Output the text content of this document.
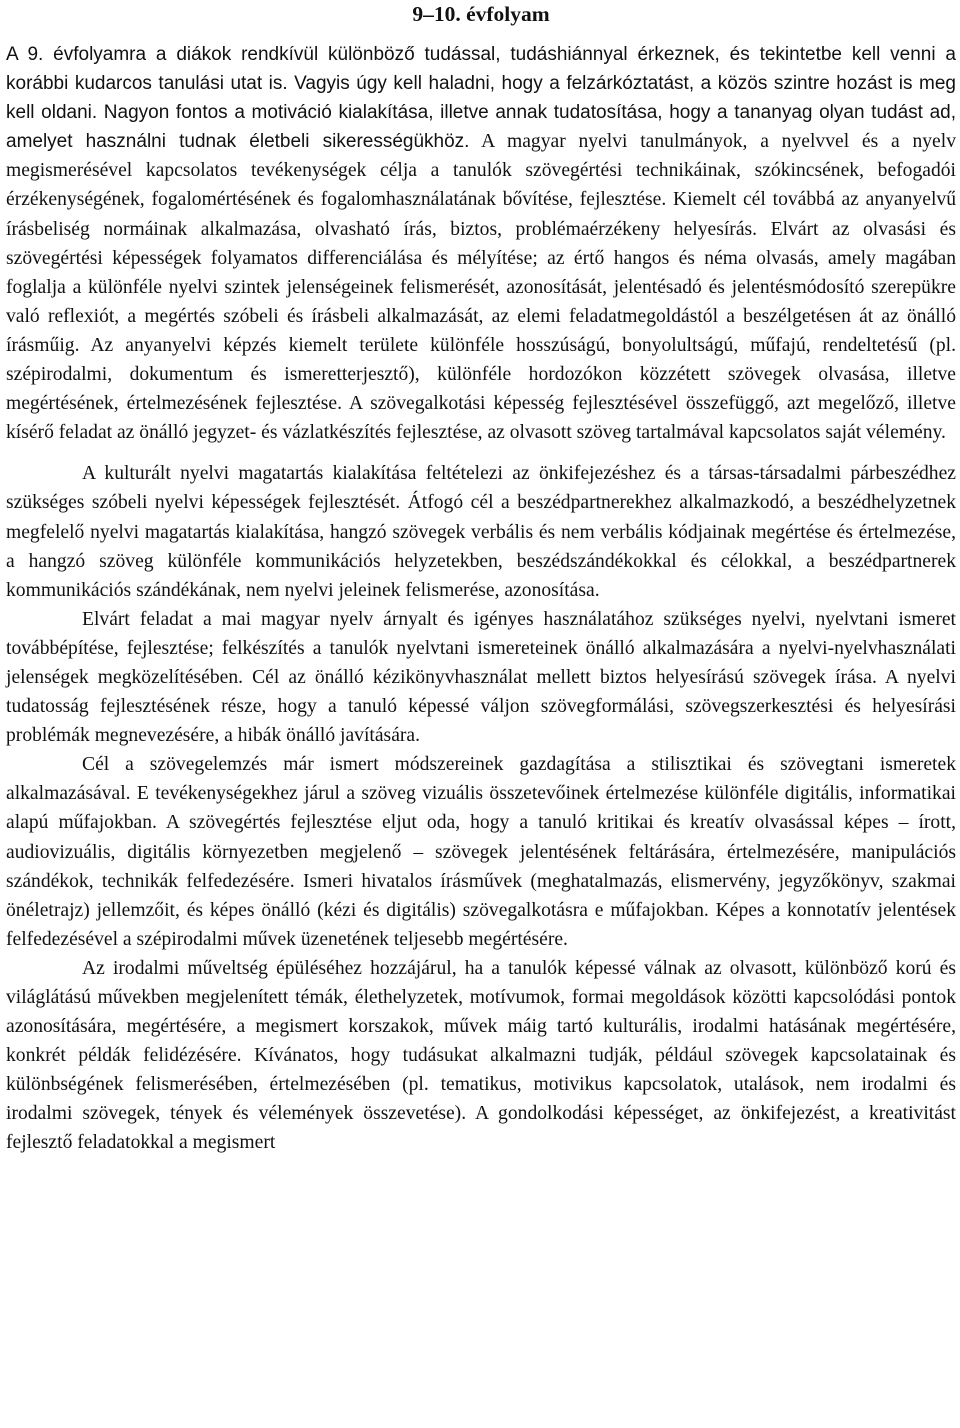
9–10. évfolyam

A 9. évfolyamra a diákok rendkívül különböző tudással, tudáshiánnyal érkeznek, és tekintetbe kell venni a korábbi kudarcos tanulási utat is. Vagyis úgy kell haladni, hogy a felzárkóztatást, a közös szintre hozást is meg kell oldani. Nagyon fontos a motiváció kialakítása, illetve annak tudatosítása, hogy a tananyag olyan tudást ad, amelyet használni tudnak életbeli sikerességükhöz. A magyar nyelvi tanulmányok, a nyelvvel és a nyelv megismerésével kapcsolatos tevékenységek célja a tanulók szövegértési technikáinak, szókincsének, befogadói érzékenységének, fogalomértésének és fogalomhasználatának bővítése, fejlesztése. Kiemelt cél továbbá az anyanyelvű írásbeliség normáinak alkalmazása, olvasható írás, biztos, problémaérzékeny helyesírás. Elvárt az olvasási és szövegértési képességek folyamatos differenciálása és mélyítése; az értő hangos és néma olvasás, amely magában foglalja a különféle nyelvi szintek jelenségeinek felismerését, azonosítását, jelentésadó és jelentésmódosító szerepükre való reflexiót, a megértés szóbeli és írásbeli alkalmazását, az elemi feladatmegoldástól a beszélgetésen át az önálló írásműig. Az anyanyelvi képzés kiemelt területe különféle hosszúságú, bonyolultságú, műfajú, rendeltetésű (pl. szépirodalmi, dokumentum és ismeretterjesztő), különféle hordozókon közzétett szövegek olvasása, illetve megértésének, értelmezésének fejlesztése. A szövegalkotási képesség fejlesztésével összefüggő, azt megelőző, illetve kísérő feladat az önálló jegyzet- és vázlatkészítés fejlesztése, az olvasott szöveg tartalmával kapcsolatos saját vélemény.

A kulturált nyelvi magatartás kialakítása feltételezi az önkifejezéshez és a társas-társadalmi párbeszédhez szükséges szóbeli nyelvi képességek fejlesztését. Átfogó cél a beszédpartnerekhez alkalmazkodó, a beszédhelyzetnek megfelelő nyelvi magatartás kialakítása, hangzó szövegek verbális és nem verbális kódjainak megértése és értelmezése, a hangzó szöveg különféle kommunikációs helyzetekben, beszédszándékokkal és célokkal, a beszédpartnerek kommunikációs szándékának, nem nyelvi jeleinek felismerése, azonosítása.

Elvárt feladat a mai magyar nyelv árnyalt és igényes használatához szükséges nyelvi, nyelvtani ismeret továbbépítése, fejlesztése; felkészítés a tanulók nyelvtani ismereteinek önálló alkalmazására a nyelvi-nyelvhasználati jelenségek megközelítésében. Cél az önálló kézikönyvhasználat mellett biztos helyesírású szövegek írása. A nyelvi tudatosság fejlesztésének része, hogy a tanuló képessé váljon szövegformálási, szövegszerkesztési és helyesírási problémák megnevezésére, a hibák önálló javítására.

Cél a szövegelemzés már ismert módszereinek gazdagítása a stilisztikai és szövegtani ismeretek alkalmazásával. E tevékenységekhez járul a szöveg vizuális összetevőinek értelmezése különféle digitális, informatikai alapú műfajokban. A szövegértés fejlesztése eljut oda, hogy a tanuló kritikai és kreatív olvasással képes – írott, audiovizuális, digitális környezetben megjelenő – szövegek jelentésének feltárására, értelmezésére, manipulációs szándékok, technikák felfedezésére. Ismeri hivatalos írásművek (meghatalmazás, elismervény, jegyzőkönyv, szakmai önéletrajz) jellemzőit, és képes önálló (kézi és digitális) szövegalkotásra e műfajokban. Képes a konnotatív jelentések felfedezésével a szépirodalmi művek üzenetének teljesebb megértésére.

Az irodalmi műveltség épüléséhez hozzájárul, ha a tanulók képessé válnak az olvasott, különböző korú és világlátású művekben megjelenített témák, élethelyzetek, motívumok, formai megoldások közötti kapcsolódási pontok azonosítására, megértésére, a megismert korszakok, művek máig tartó kulturális, irodalmi hatásának megértésére, konkrét példák felidézésére. Kívánatos, hogy tudásukat alkalmazni tudják, például szövegek kapcsolatainak és különbségének felismerésében, értelmezésében (pl. tematikus, motivikus kapcsolatok, utalások, nem irodalmi és irodalmi szövegek, tények és vélemények összevetése). A gondolkodási képességet, az önkifejezést, a kreativitást fejlesztő feladatokkal a megismert
